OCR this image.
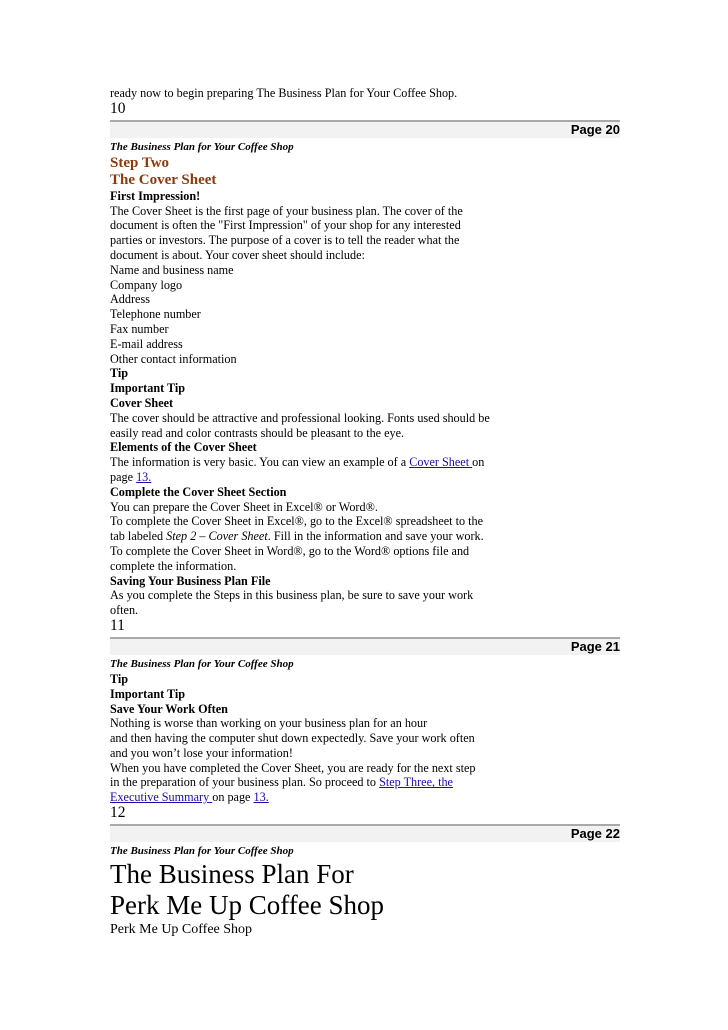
ready now to begin preparing The Business Plan for Your Coffee Shop.
10
Page 20
The Business Plan for Your Coffee Shop
Step Two
The Cover Sheet
First Impression!
The Cover Sheet is the first page of your business plan. The cover of the
document is often the "First Impression" of your shop for any interested
parties or investors. The purpose of a cover is to tell the reader what the
document is about. Your cover sheet should include:
Name and business name
Company logo
Address
Telephone number
Fax number
E-mail address
Other contact information
Tip
Important Tip
Cover Sheet
The cover should be attractive and professional looking. Fonts used should be
easily read and color contrasts should be pleasant to the eye.
Elements of the Cover Sheet
The information is very basic. You can view an example of a Cover Sheet on
page 13.
Complete the Cover Sheet Section
You can prepare the Cover Sheet in Excel® or Word®.
To complete the Cover Sheet in Excel®, go to the Excel® spreadsheet to the
tab labeled Step 2 – Cover Sheet. Fill in the information and save your work.
To complete the Cover Sheet in Word®, go to the Word® options file and
complete the information.
Saving Your Business Plan File
As you complete the Steps in this business plan, be sure to save your work
often.
11
Page 21
The Business Plan for Your Coffee Shop
Tip
Important Tip
Save Your Work Often
Nothing is worse than working on your business plan for an hour
and then having the computer shut down expectedly. Save your work often
and you won’t lose your information!
When you have completed the Cover Sheet, you are ready for the next step
in the preparation of your business plan. So proceed to Step Three, the
Executive Summary on page 13.
12
Page 22
The Business Plan for Your Coffee Shop
The Business Plan For
Perk Me Up Coffee Shop
Perk Me Up Coffee Shop
